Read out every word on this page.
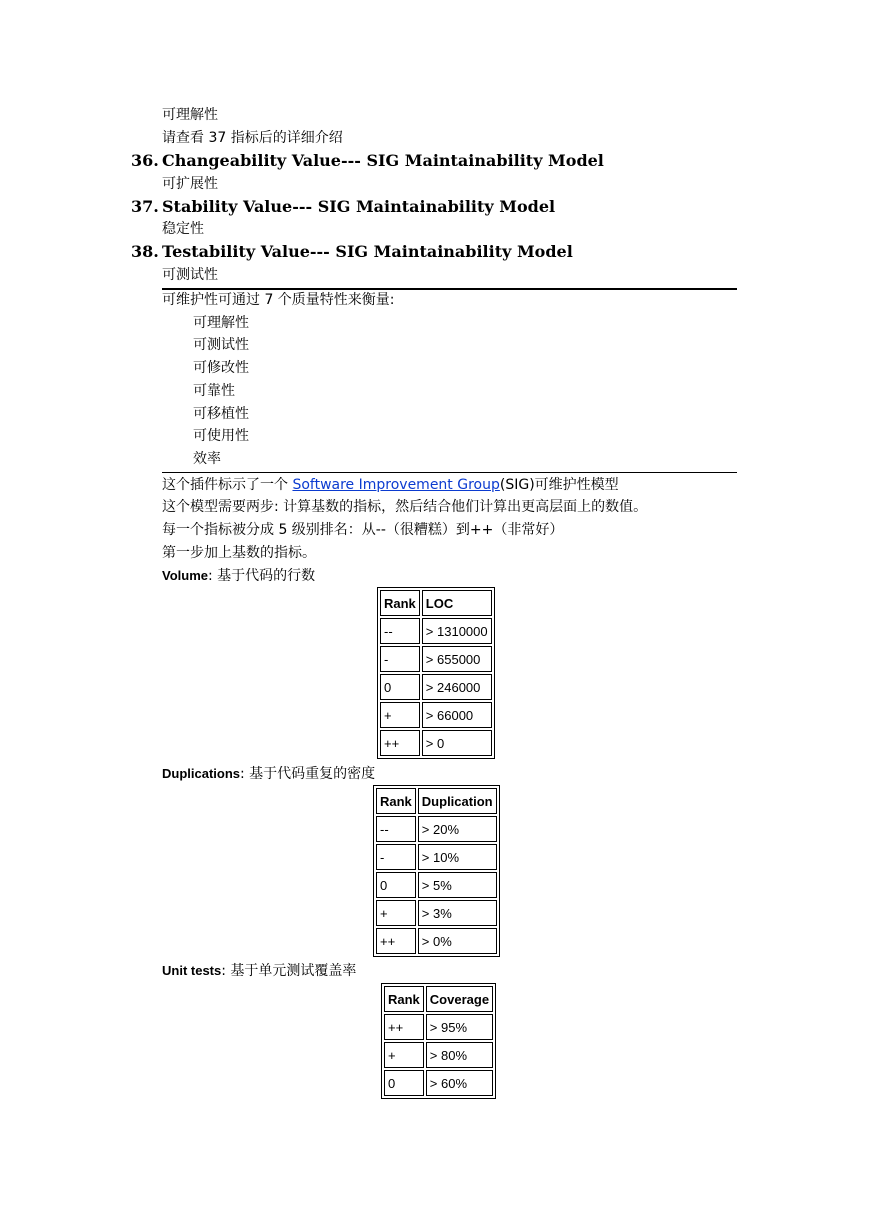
可理解性
请查看 37 指标后的详细介绍
36. Changeability Value--- SIG Maintainability Model
可扩展性
37. Stability Value--- SIG Maintainability Model
稳定性
38. Testability Value--- SIG Maintainability Model
可测试性
可维护性可通过 7 个质量特性来衡量:
可理解性
可测试性
可修改性
可靠性
可移植性
可使用性
效率
这个插件标示了一个 Software Improvement Group(SIG)可维护性模型
这个模型需要两步: 计算基数的指标，然后结合他们计算出更高层面上的数值。
每一个指标被分成 5 级别排名：从--（很糟糕）到++（非常好）
第一步加上基数的指标。
Volume: 基于代码的行数
Rank	LOC
--	> 1310000
-	> 655000
0	> 246000
+	> 66000
++	> 0
Duplications: 基于代码重复的密度
Rank	Duplication
--	> 20%
-	> 10%
0	> 5%
+	> 3%
++	> 0%
Unit tests: 基于单元测试覆盖率
Rank	Coverage
++	> 95%
+	> 80%
0	> 60%
